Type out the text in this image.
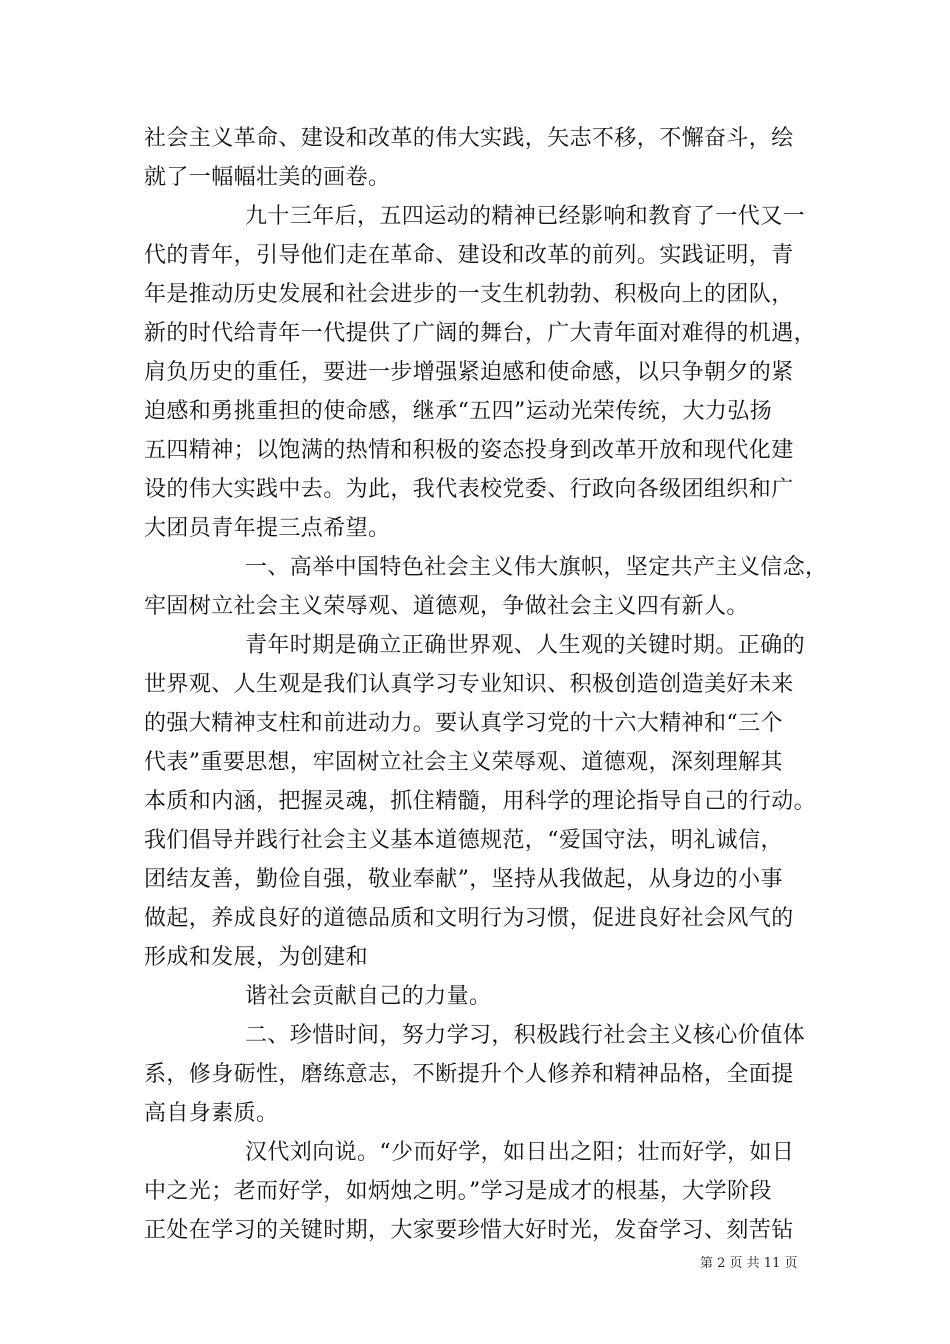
社会主义革命、建设和改革的伟大实践，矢志不移，不懈奋斗，绘
就了一幅幅壮美的画卷。
九十三年后，五四运动的精神已经影响和教育了一代又一
代的青年，引导他们走在革命、建设和改革的前列。实践证明，青
年是推动历史发展和社会进步的一支生机勃勃、积极向上的团队，
新的时代给青年一代提供了广阔的舞台，广大青年面对难得的机遇，
肩负历史的重任，要进一步增强紧迫感和使命感，以只争朝夕的紧
迫感和勇挑重担的使命感，继承“五四”运动光荣传统，大力弘扬
五四精神；以饱满的热情和积极的姿态投身到改革开放和现代化建
设的伟大实践中去。为此，我代表校党委、行政向各级团组织和广
大团员青年提三点希望。
一、高举中国特色社会主义伟大旗帜，坚定共产主义信念，
牢固树立社会主义荣辱观、道德观，争做社会主义四有新人。
青年时期是确立正确世界观、人生观的关键时期。正确的
世界观、人生观是我们认真学习专业知识、积极创造创造美好未来
的强大精神支柱和前进动力。要认真学习党的十六大精神和“三个
代表”重要思想，牢固树立社会主义荣辱观、道德观，深刻理解其
本质和内涵，把握灵魂，抓住精髓，用科学的理论指导自己的行动。
我们倡导并践行社会主义基本道德规范，“爱国守法，明礼诚信，
团结友善，勤俭自强，敬业奉献”，坚持从我做起，从身边的小事
做起，养成良好的道德品质和文明行为习惯，促进良好社会风气的
形成和发展，为创建和
谐社会贡献自己的力量。
二、珍惜时间，努力学习，积极践行社会主义核心价值体
系，修身砺性，磨练意志，不断提升个人修养和精神品格，全面提
高自身素质。
汉代刘向说。“少而好学，如日出之阳；壮而好学，如日
中之光；老而好学，如炳烛之明。”学习是成才的根基，大学阶段
正处在学习的关键时期，大家要珍惜大好时光，发奋学习、刻苦钻
第 2 页 共 11 页
